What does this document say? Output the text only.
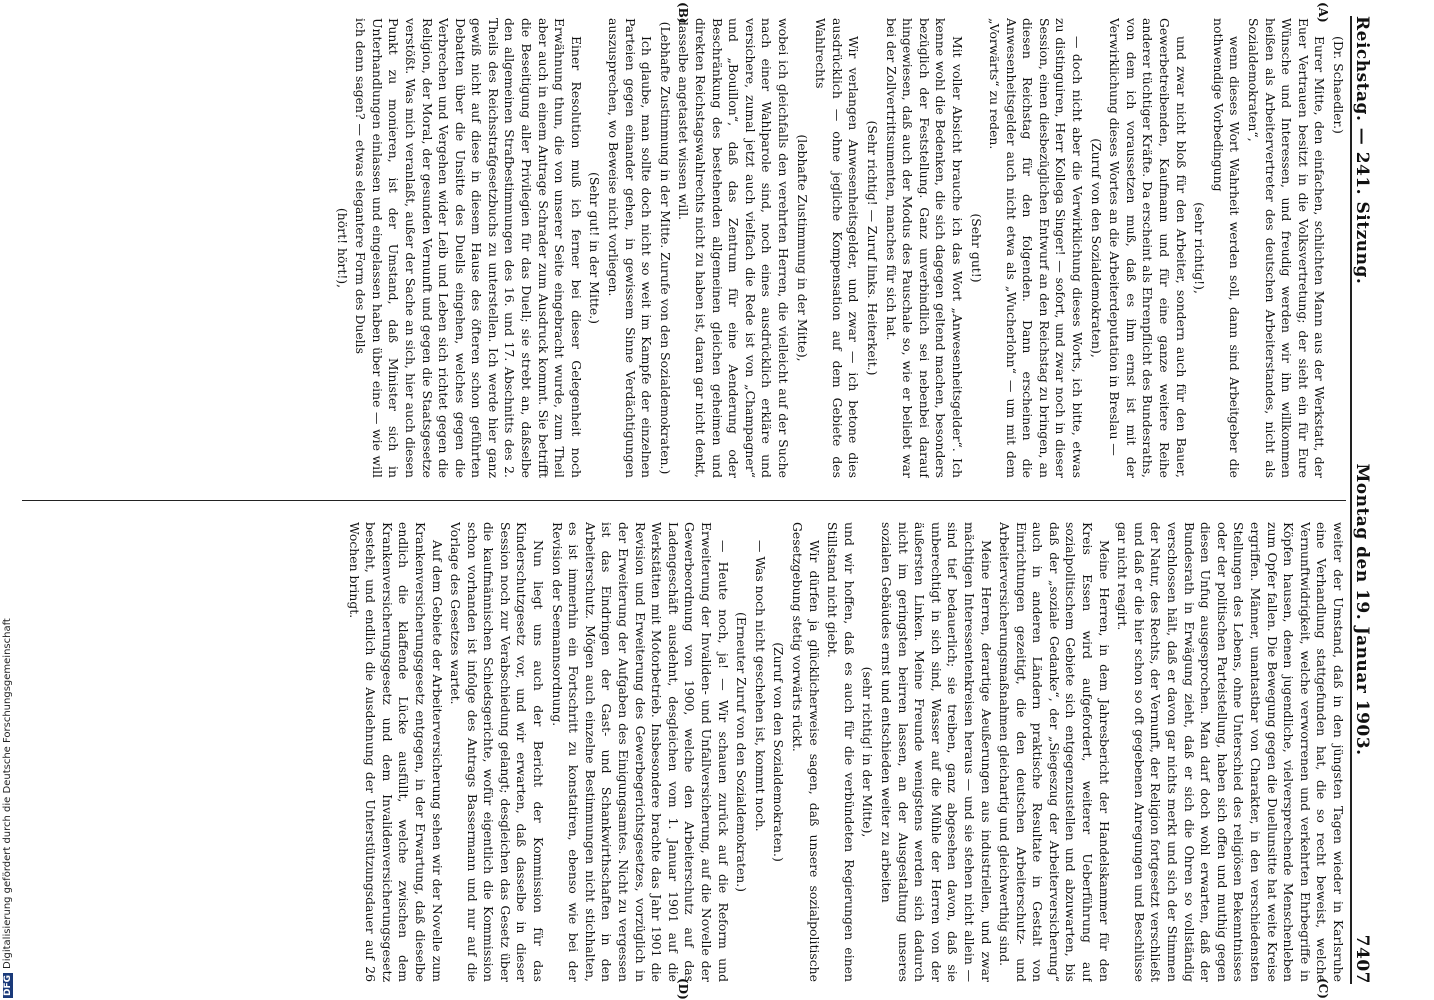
Reichstag. — 241. Sitzung.
Montag den 19. Januar 1903.
7407
(A)
(B)
(C)
(D)

(Dr. Schaedler.)

Eurer Mitte, den einfachen, schlichten Mann aus der Werkstatt, der Euer Vertrauen besitzt in die Volksvertretung; der sieht ein für Eure Wünsche und Interessen, und freudig werden wir ihn willkommen heißen als Arbeitervertreter des deutschen Arbeiterstandes, nicht als Sozialdemokraten“,

wenn dieses Wort Wahrheit werden soll, dann sind Arbeitgeber die nothwendige Vorbedingung

(sehr richtig!),

und zwar nicht bloß für den Arbeiter, sondern auch für den Bauer, Gewerbetreibenden, Kaufmann und für eine ganze weitere Reihe anderer tüchtiger Kräfte. Da erscheint als Ehrenpflicht des Bundesraths, von dem ich voraussetzen muß, daß es ihm ernst ist mit der Verwirklichung dieses Wortes an die Arbeiterdeputation in Breslau —

(Zuruf von den Sozialdemokraten),

— doch nicht aber die Verwirklichung dieses Worts, ich bitte, etwas zu distinguiren, Herr Kollega Singer! — sofort, und zwar noch in dieser Session, einen diesbezüglichen Entwurf an den Reichstag zu bringen, an diesen Reichstag für den folgenden. Dann erscheinen die Anwesenheitsgelder auch nicht etwa als „Wucherlohn“ — um mit dem „Vorwärts“ zu reden.

(Sehr gut!)

Mit voller Absicht brauche ich das Wort „Anwesenheitsgelder“. Ich kenne wohl die Bedenken, die sich dagegen geltend machen, besonders bezüglich der Feststellung. Ganz unverbindlich sei nebenbei darauf hingewiesen, daß auch der Modus des Pauschale so, wie er beliebt war bei der Zollvertrittsumenten, manches für sich hat.

(Sehr richtig! — Zuruf links. Heiterkeit.)

Wir verlangen Anwesenheitsgelder, und zwar — ich betone dies ausdrücklich — ohne jegliche Kompensation auf dem Gebiete des Wahlrechts

(lebhafte Zustimmung in der Mitte),

wobei ich gleichfalls den verehrten Herren, die vielleicht auf der Suche nach einer Wahlparole sind, noch eines ausdrücklich erkläre und versichere, zumal jetzt auch vielfach die Rede ist von „Champagner“ und „Bouillon“, daß das Zentrum für eine Aenderung oder Beschränkung des bestehenden allgemeinen gleichen geheimen und direkten Reichstagswahlrechts nicht zu haben ist, daran gar nicht denkt, dasselbe angetastet wissen will.

(Lebhafte Zustimmung in der Mitte. Zurufe von den Sozialdemokraten.)

Ich glaube, man sollte doch nicht so weit im Kampfe der einzelnen Parteien gegen einander gehen, in gewissem Sinne Verdächtigungen auszusprechen, wo Beweise nicht vorliegen.

(Sehr gut! in der Mitte.)

Einer Resolution muß ich ferner bei dieser Gelegenheit noch Erwähnung thun, die von unserer Seite eingebracht wurde, zum Theil aber auch in einem Antrage Schrader zum Ausdruck kommt. Sie betrifft die Beseitigung aller Privilegien für das Duell; sie strebt an, daßselbe den allgemeinen Strafbestimmungen des 16. und 17. Abschnitts des 2. Theils des Reichsstrafgesetzbuchs zu unterstellen. Ich werde hier ganz gewiß nicht auf diese in diesem Hause des öfteren schon geführten Debatten über die Unsitte des Duells eingehen, welches gegen die Verbrechen und Vergehen wider Leib und Leben sich richtet gegen die Religion, der Moral, der gesunden Vernunft und gegen die Staatsgesetze verstößt. Was mich veranlaßt, außer der Sache an sich, hier auch diesen Punkt zu monieren, ist der Umstand, daß Minister sich in Unterhandlungen einlassen und eingelassen haben über eine — wie will ich denn sagen? — etwas elegantere Form des Duells

(hört! hört!),

weiter der Umstand, daß in den jüngsten Tagen wieder in Karlsruhe eine Verhandlung stattgefunden hat, die so recht beweist, welche Vernunftwidrigkeit, welche verworrenen und verkehrten Ehrbegriffe in Köpfen hausen, denen jugendliche, vielversprechende Menschenleben zum Opfer fallen. Die Bewegung gegen die Duellunsitte hat weite Kreise ergriffen. Männer, unantastbar von Charakter, in den verschiedensten Stellungen des Lebens, ohne Unterschied des religiösen Bekenntnisses oder der politischen Parteistellung, haben sich offen und muthig gegen diesen Unfug ausgesprochen. Man darf doch wohl erwarten, daß der Bundesrath in Erwägung zieht, daß er sich die Ohren so vollständig verschlossen hält, daß er davon gar nichts merkt und sich der Stimmen der Natur, des Rechts, der Vernunft, der Religion fortgesetzt verschließt und daß er die hier schon so oft gegebenen Anregungen und Beschlüsse gar nicht reagirt.

Meine Herren, in dem Jahresbericht der Handelskammer für den Kreis Essen wird aufgefordert, weiterer Ueberführung auf sozialpolitischem Gebiete sich entgegenzustellen und abzuwarten, bis daß der „soziale Gedanke“, der „Siegeszug der Arbeiterversicherung“ auch in anderen Ländern praktische Resultate in Gestalt von Einrichtungen gezeitigt, die den deutschen Arbeiterschutz- und Arbeiterversicherungsmaßnahmen gleichartig und gleichwerthig sind.

Meine Herren, derartige Aeußerungen aus industriellen, und zwar mächtigen Interessentenkreisen heraus — und sie stehen nicht allein — sind tief bedauerlich; sie treiben, ganz abgesehen davon, daß sie unberechtigt in sich sind, Wasser auf die Mühle der Herren von der äußersten Linken. Meine Freunde wenigstens werden sich dadurch nicht im geringsten beirren lassen, an der Ausgestaltung unseres sozialen Gebäudes ernst und entschieden weiter zu arbeiten

(sehr richtig! in der Mitte),

und wir hoffen, daß es auch für die verbündeten Regierungen einen Stillstand nicht giebt.

Wir dürfen ja glücklicherweise sagen, daß unsere sozialpolitische Gesetzgebung stetig vorwärts rückt.

(Zuruf von den Sozialdemokraten.)

— Was noch nicht geschehen ist, kommt noch.

(Erneuter Zuruf von den Sozialdemokraten.)

— Heute noch, ja! — Wir schauen zurück auf die Reform und Erweiterung der Invaliden- und Unfallversicherung, auf die Novelle der Gewerbeordnung von 1900, welche den Arbeiterschutz auf das Ladengeschäft ausdehnt, desgleichen vom 1. Januar 1901 auf die Werkstätten mit Motorbetrieb. Insbesondere brachte das Jahr 1901 die Revision und Erweiterung des Gewerbegerichtsgesetzes, vorzüglich in der Erweiterung der Aufgaben des Einigungsamtes. Nicht zu vergessen ist das Eindringen der Gast- und Schankwirthschaften in den Arbeiterschutz. Mögen auch einzelne Bestimmungen nicht stichhalten, es ist immerhin ein Fortschritt zu konstatiren, ebenso wie bei der Revision der Seemannsordnung.

Nun liegt uns auch der Bericht der Kommission für das Kinderschutzgesetz vor, und wir erwarten, daß dasselbe in dieser Session noch zur Verabschiedung gelangt; desgleichen das Gesetz über die kaufmännischen Schiedsgerichte, wofür eigentlich die Kommission schon vorhanden ist infolge des Antrags Bassermann und nur auf die Vorlage des Gesetzes wartet.

Auf dem Gebiete der Arbeiterversicherung sehen wir der Novelle zum Krankenversicherungsgesetz entgegen, in der Erwartung, daß dieselbe endlich die klaffende Lücke ausfüllt, welche zwischen dem Krankenversicherungsgesetz und dem Invalidenversicherungsgesetz besteht, und endlich die Ausdehnung der Unterstützungsdauer auf 26 Wochen bringt.

DFGDigitalisierung gefördert durch die Deutsche Forschungsgemeinschaft
